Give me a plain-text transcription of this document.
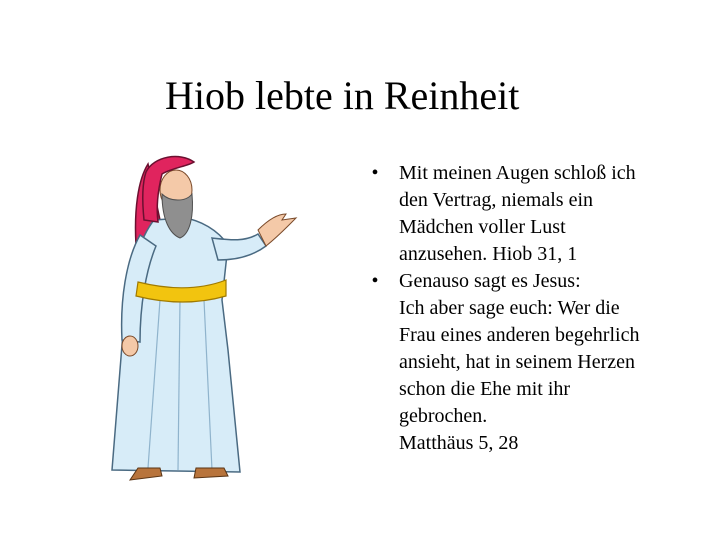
Hiob lebte in Reinheit
•	Mit meinen Augen schloß ich
den Vertrag, niemals ein
Mädchen voller Lust
anzusehen. Hiob 31, 1
•	Genauso sagt es Jesus:
Ich aber sage euch: Wer die
Frau eines anderen begehrlich
ansieht, hat in seinem Herzen
schon die Ehe mit ihr
gebrochen.
Matthäus 5, 28
